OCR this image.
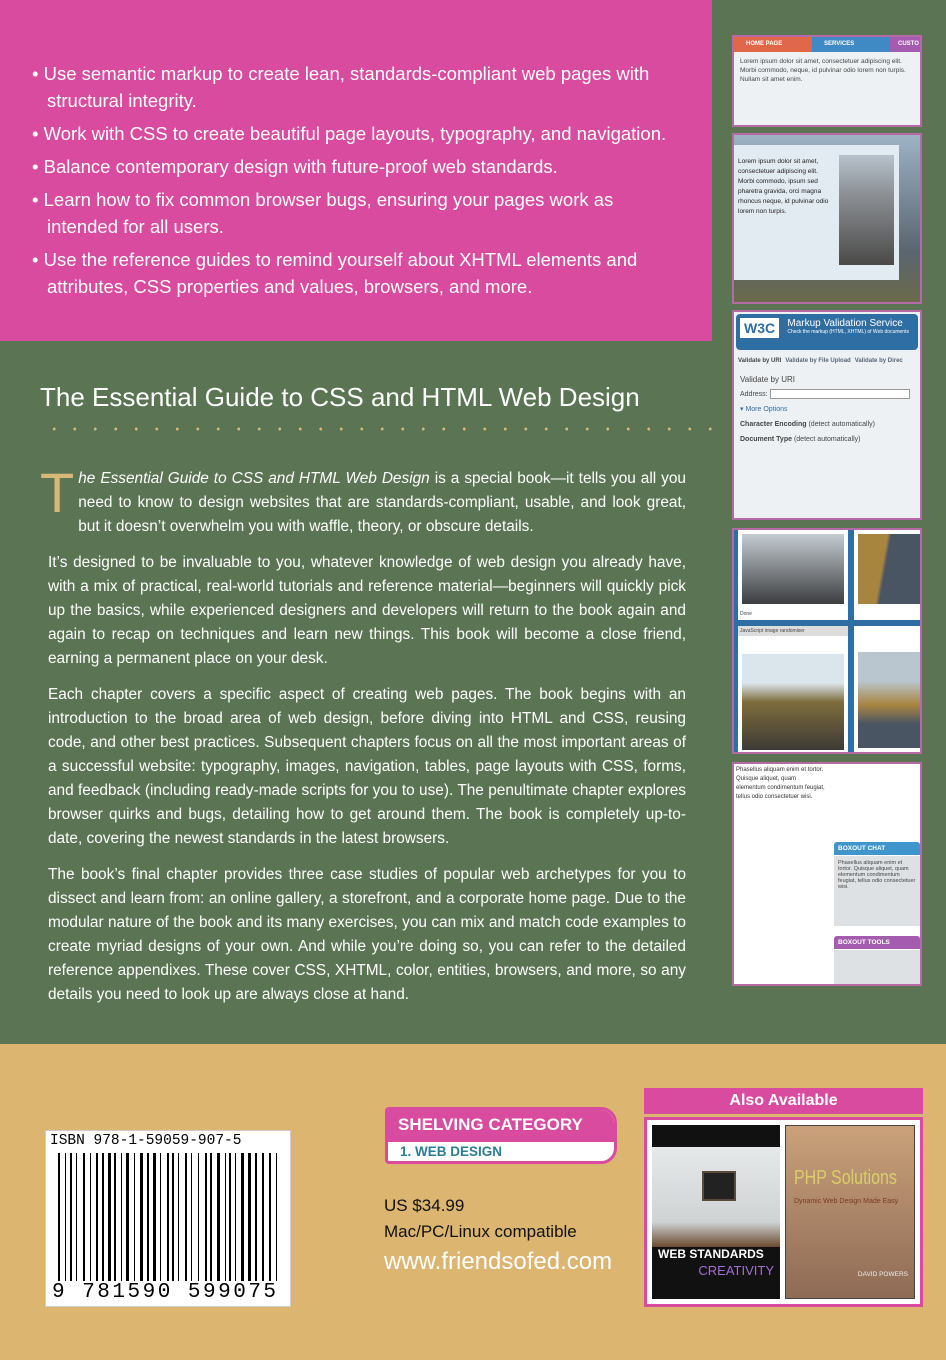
• Use semantic markup to create lean, standards-compliant web pages with structural integrity.
• Work with CSS to create beautiful page layouts, typography, and navigation.
• Balance contemporary design with future-proof web standards.
• Learn how to fix common browser bugs, ensuring your pages work as intended for all users.
• Use the reference guides to remind yourself about XHTML elements and attributes, CSS properties and values, browsers, and more.
The Essential Guide to CSS and HTML Web Design

The Essential Guide to CSS and HTML Web Design is a special book—it tells you all you need to know to design websites that are standards-compliant, usable, and look great, but it doesn’t overwhelm you with waffle, theory, or obscure details.

It’s designed to be invaluable to you, whatever knowledge of web design you already have, with a mix of practical, real-world tutorials and reference material—beginners will quickly pick up the basics, while experienced designers and developers will return to the book again and again to recap on techniques and learn new things. This book will become a close friend, earning a permanent place on your desk.

Each chapter covers a specific aspect of creating web pages. The book begins with an introduction to the broad area of web design, before diving into HTML and CSS, reusing code, and other best practices. Subsequent chapters focus on all the most important areas of a successful website: typography, images, navigation, tables, page layouts with CSS, forms, and feedback (including ready-made scripts for you to use). The penultimate chapter explores browser quirks and bugs, detailing how to get around them. The book is completely up-to-date, covering the newest standards in the latest browsers.

The book’s final chapter provides three case studies of popular web archetypes for you to dissect and learn from: an online gallery, a storefront, and a corporate home page. Due to the modular nature of the book and its many exercises, you can mix and match code examples to create myriad designs of your own. And while you’re doing so, you can refer to the detailed reference appendixes. These cover CSS, XHTML, color, entities, browsers, and more, so any details you need to look up are always close at hand.

HOME PAGE	SERVICES	CUSTO
Lorem ipsum dolor sit amet, consectetuer adipiscing elit. Morbi commodo, neque, id pulvinar odio lorem non turpis. Nullam sit amet enim.
Lorem ipsum dolor sit amet, consectetuer adipiscing elit. Morbi commodo, ipsum sed pharetra gravida, orci magna rhoncus neque, id pulvinar odio lorem non turpis.
W3C Markup Validation Service
Check the markup (HTML, XHTML) of Web documents
Validate by URI Validate by File Upload Validate by Direc
Validate by URI
Address:
▾ More Options
Character Encoding (detect automatically)
Document Type (detect automatically)
Done
JavaScript image randomiser
Phasellus aliquam enim et tortor. Quisque aliquet, quam elementum condimentum feugiat, tellus odio consectetuer wisi.
BOXOUT CHAT
Phasellus aliquam enim et tortor. Quisque aliquet, quam elementum condimentum feugiat, tellus odio consectetuer wisi.
BOXOUT TOOLS
ISBN 978-1-59059-907-5
9 781590 599075
SHELVING CATEGORY
1. WEB DESIGN
US $34.99
Mac/PC/Linux compatible
www.friendsofed.com
Also Available
WEB STANDARDS
CREATIVITY
PHP Solutions
Dynamic Web Design Made Easy
DAVID POWERS
